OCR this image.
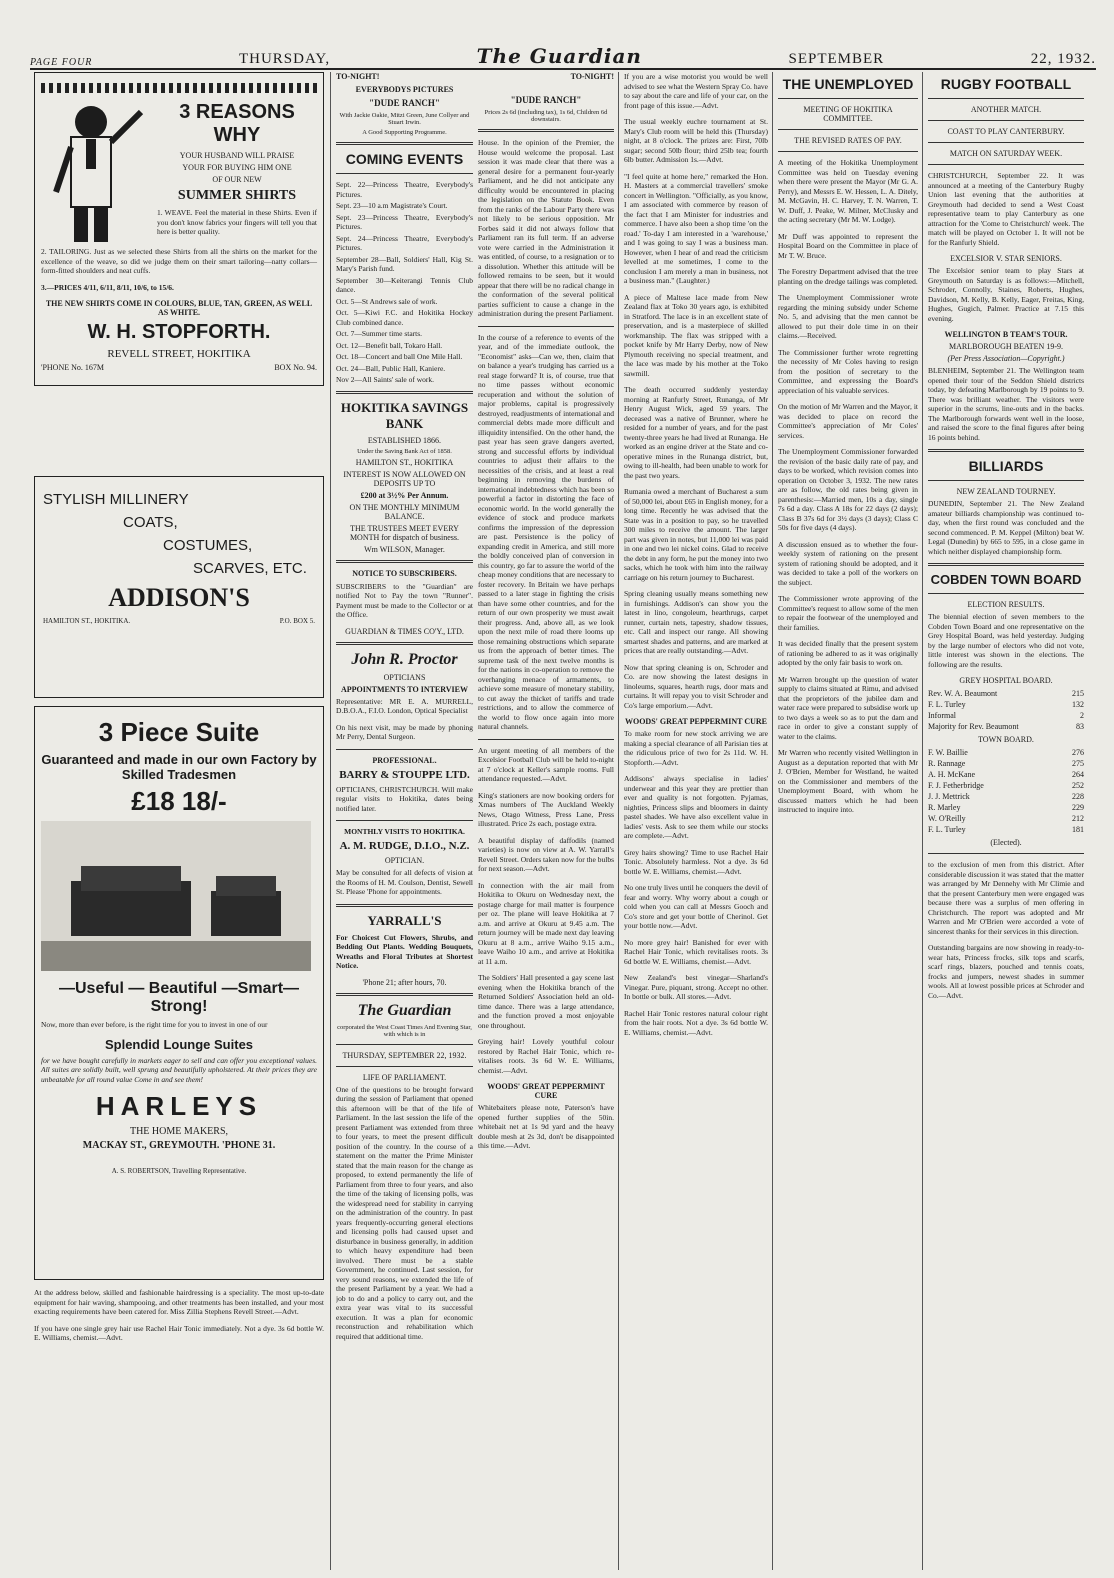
PAGE FOUR	THURSDAY,	The Guardian	SEPTEMBER	22, 1932.
3 REASONS WHY
YOUR HUSBAND WILL PRAISE
YOUR FOR BUYING HIM ONE
OF OUR NEW
SUMMER SHIRTS

1. WEAVE. Feel the material in these Shirts. Even if you don't know fabrics your fingers will tell you that here is better quality.

2. TAILORING. Just as we selected these Shirts from all the shirts on the market for the excellence of the weave, so did we judge them on their smart tailoring—natty collars—form-fitted shoulders and neat cuffs.

3.—PRICES 4/11, 6/11, 8/11, 10/6, to 15/6.

THE NEW SHIRTS COME IN COLOURS, BLUE, TAN, GREEN, AS WELL AS WHITE.
W. H. STOPFORTH.
REVELL STREET, HOKITIKA
'PHONE No. 167M	BOX No. 94.
STYLISH MILLINERY
COATS,
COSTUMES,
SCARVES, ETC.
ADDISON'S
HAMILTON ST., HOKITIKA.	P.O. BOX 5.
3 Piece Suite
Guaranteed and made in our own Factory by Skilled Tradesmen
£18 18/-
—Useful — Beautiful —Smart—Strong!

Now, more than ever before, is the right time for you to invest in one of our

Splendid Lounge Suites

for we have bought carefully in markets eager to sell and can offer you exceptional values. All suites are solidly built, well sprung and beautifully upholstered. At their prices they are unbeatable for all round value Come in and see them!

HARLEYS
THE HOME MAKERS,
MACKAY ST., GREYMOUTH. 'PHONE 31.
A. S. ROBERTSON, Travelling Representative.

At the address below, skilled and fashionable hairdressing is a speciality. The most up-to-date equipment for hair waving, shampooing, and other treatments has been installed, and your most exacting requirements have been catered for. Miss Zillia Stephens Revell Street.—Advt.

If you have one single grey hair use Rachel Hair Tonic immediately. Not a dye. 3s 6d bottle W. E. Williams, chemist.—Advt.

TO-NIGHT!
EVERYBODYS PICTURES
"DUDE RANCH"
With Jackie Oakie, Mitzi Green, June Collyer and Stuart Irwin.
A Good Supporting Programme.
COMING EVENTS

Sept. 22—Princess Theatre, Everybody's Pictures.

Sept. 23—10 a.m Magistrate's Court.

Sept. 23—Princess Theatre, Everybody's Pictures.

Sept. 24—Princess Theatre, Everybody's Pictures.

September 28—Ball, Soldiers' Hall, Kig St. Mary's Parish fund.

September 30—Keiterangi Tennis Club dance.

Oct. 5—St Andrews sale of work.

Oct. 5—Kiwi F.C. and Hokitika Hockey Club combined dance.

Oct. 7—Summer time starts.

Oct. 12—Benefit ball, Tokaro Hall.

Oct. 18—Concert and ball One Mile Hall.

Oct. 24—Ball, Public Hall, Kaniere.

Nov 2—All Saints' sale of work.

HOKITIKA SAVINGS BANK
ESTABLISHED 1866.
Under the Saving Bank Act of 1858.
HAMILTON ST., HOKITIKA
INTEREST IS NOW ALLOWED ON DEPOSITS UP TO
£200 at 3½% Per Annum.
ON THE MONTHLY MINIMUM BALANCE.
THE TRUSTEES MEET EVERY MONTH for dispatch of business.
Wm WILSON, Manager.
NOTICE TO SUBSCRIBERS.

SUBSCRIBERS to the "Guardian" are notified Not to Pay the town "Runner". Payment must be made to the Collector or at the Office.

GUARDIAN & TIMES CO'Y., LTD.
John R. Proctor
OPTICIANS
APPOINTMENTS TO INTERVIEW

Representative: MR E. A. MURRELL, D.B.O.A., F.I.O. London, Optical Specialist

On his next visit, may be made by phoning Mr Perry, Dental Surgeon.

PROFESSIONAL.
BARRY & STOUPPE LTD.

OPTICIANS, CHRISTCHURCH. Will make regular visits to Hokitika, dates being notified later.

MONTHLY VISITS TO HOKITIKA.
A. M. RUDGE, D.I.O., N.Z.
OPTICIAN.

May be consulted for all defects of vision at the Rooms of H. M. Coulson, Dentist, Sewell St. Please 'Phone for appointments.

YARRALL'S

For Choicest Cut Flowers, Shrubs, and Bedding Out Plants. Wedding Bouquets, Wreaths and Floral Tributes at Shortest Notice.

'Phone 21; after hours, 70.
The Guardian
corporated the West Coast Times And Evening Star, with which is in
THURSDAY, SEPTEMBER 22, 1932.
LIFE OF PARLIAMENT.

One of the questions to be brought forward during the session of Parliament that opened this afternoon will be that of the life of Parliament. In the last session the life of the present Parliament was extended from three to four years, to meet the present difficult position of the country. In the course of a statement on the matter the Prime Minister stated that the main reason for the change as proposed, to extend permanently the life of Parliament from three to four years, and also the time of the taking of licensing polls, was the widespread need for stability in carrying on the administration of the country. In past years frequently-occurring general elections and licensing polls had caused upset and disturbance in business generally, in addition to which heavy expenditure had been involved. There must be a stable Government, he continued. Last session, for very sound reasons, we extended the life of the present Parliament by a year. We had a job to do and a policy to carry out, and the extra year was vital to its successful execution. It was a plan for economic reconstruction and rehabilitation which required that additional time.

TO-NIGHT!
"DUDE RANCH"
Prices 2s 6d (including tax), 1s 6d, Children 6d downstairs.

House. In the opinion of the Premier, the House would welcome the proposal. Last session it was made clear that there was a general desire for a permanent four-yearly Parliament, and he did not anticipate any difficulty would be encountered in placing the legislation on the Statute Book. Even from the ranks of the Labour Party there was not likely to be serious opposition. Mr Forbes said it did not always follow that Parliament ran its full term. If an adverse vote were carried in the Administration it was entitled, of course, to a resignation or to a dissolution. Whether this attitude will be followed remains to be seen, but it would appear that there will be no radical change in the conformation of the several political parties sufficient to cause a change in the administration during the present Parliament.

In the course of a reference to events of the year, and of the immediate outlook, the "Economist" asks—Can we, then, claim that on balance a year's trudging has carried us a real stage forward? It is, of course, true that no time passes without economic recuperation and without the solution of major problems, capital is progressively destroyed, readjustments of international and commercial debts made more difficult and illiquidity intensified. On the other hand, the past year has seen grave dangers averted, strong and successful efforts by individual countries to adjust their affairs to the necessities of the crisis, and at least a real beginning in removing the burdens of international indebtedness which has been so powerful a factor in distorting the face of economic world. In the world generally the evidence of stock and produce markets confirms the impression of the depression are past. Persistence is the policy of expanding credit in America, and still more the boldly conceived plan of conversion in this country, go far to assure the world of the cheap money conditions that are necessary to foster recovery. In Britain we have perhaps passed to a later stage in fighting the crisis than have some other countries, and for the return of our own prosperity we must await their progress. And, above all, as we look upon the next mile of road there looms up those remaining obstructions which separate us from the approach of better times. The supreme task of the next twelve months is for the nations in co-operation to remove the overhanging menace of armaments, to achieve some measure of monetary stability, to cut away the thicket of tariffs and trade restrictions, and to allow the commerce of the world to flow once again into more natural channels.

An urgent meeting of all members of the Excelsior Football Club will be held to-night at 7 o'clock at Keller's sample rooms. Full attendance requested.—Advt.

King's stationers are now booking orders for Xmas numbers of The Auckland Weekly News, Otago Witness, Press Lane, Press illustrated. Price 2s each, postage extra.

A beautiful display of daffodils (named varieties) is now on view at A. W. Yarrall's Revell Street. Orders taken now for the bulbs for next season.—Advt.

In connection with the air mail from Hokitika to Okuru on Wednesday next, the postage charge for mail matter is fourpence per oz. The plane will leave Hokitika at 7 a.m. and arrive at Okuru at 9.45 a.m. The return journey will be made next day leaving Okuru at 8 a.m., arrive Waiho 9.15 a.m., leave Waiho 10 a.m., and arrive at Hokitika at 11 a.m.

The Soldiers' Hall presented a gay scene last evening when the Hokitika branch of the Returned Soldiers' Association held an old-time dance. There was a large attendance, and the function proved a most enjoyable one throughout.

Greying hair! Lovely youthful colour restored by Rachel Hair Tonic, which re-vitalises roots. 3s 6d W. E. Williams, chemist.—Advt.

WOODS' GREAT PEPPERMINT CURE

Whitebaiters please note, Paterson's have opened further supplies of the 50in. whitebait net at 1s 9d yard and the heavy double mesh at 2s 3d, don't be disappointed this time.—Advt.

If you are a wise motorist you would be well advised to see what the Western Spray Co. have to say about the care and life of your car, on the front page of this issue.—Advt.

The usual weekly euchre tournament at St. Mary's Club room will be held this (Thursday) night, at 8 o'clock. The prizes are: First, 70lb sugar; second 50lb flour; third 25lb tea; fourth 6lb butter. Admission 1s.—Advt.

"I feel quite at home here," remarked the Hon. H. Masters at a commercial travellers' smoke concert in Wellington. "Officially, as you know, I am associated with commerce by reason of the fact that I am Minister for industries and commerce. I have also been a shop time 'on the road.' To-day I am interested in a 'warehouse,' and I was going to say I was a business man. However, when I hear of and read the criticism levelled at me sometimes, I come to the conclusion I am merely a man in business, not a business man." (Laughter.)

A piece of Maltese lace made from New Zealand flax at Toko 30 years ago, is exhibited in Stratford. The lace is in an excellent state of preservation, and is a masterpiece of skilled workmanship. The flax was stripped with a pocket knife by Mr Harry Derby, now of New Plymouth receiving no special treatment, and the lace was made by his mother at the Toko sawmill.

The death occurred suddenly yesterday morning at Ranfurly Street, Runanga, of Mr Henry August Wick, aged 59 years. The deceased was a native of Brunner, where he resided for a number of years, and for the past twenty-three years he had lived at Runanga. He worked as an engine driver at the State and co-operative mines in the Runanga district, but, owing to ill-health, had been unable to work for the past two years.

Rumania owed a merchant of Bucharest a sum of 50,000 lei, about £65 in English money, for a long time. Recently he was advised that the State was in a position to pay, so he travelled 300 miles to receive the amount. The larger part was given in notes, but 11,000 lei was paid in one and two lei nickel coins. Glad to receive the debt in any form, he put the money into two sacks, which he took with him into the railway carriage on his return journey to Bucharest.

Spring cleaning usually means something new in furnishings. Addison's can show you the latest in lino, congoleum, hearthrugs, carpet runner, curtain nets, tapestry, shadow tissues, etc. Call and inspect our range. All showing smartest shades and patterns, and are marked at prices that are really outstanding.—Advt.

Now that spring cleaning is on, Schroder and Co. are now showing the latest designs in linoleums, squares, hearth rugs, door mats and curtains. It will repay you to visit Schroder and Co's large emporium.—Advt.

WOODS' GREAT PEPPERMINT CURE

To make room for new stock arriving we are making a special clearance of all Parisian ties at the ridiculous price of two for 2s 11d. W. H. Stopforth.—Advt.

Addisons' always specialise in ladies' underwear and this year they are prettier than ever and quality is not forgotten. Pyjamas, nighties, Princess slips and bloomers in dainty pastel shades. We have also excellent value in ladies' vests. Ask to see them while our stocks are complete.—Advt.

Grey hairs showing? Time to use Rachel Hair Tonic. Absolutely harmless. Not a dye. 3s 6d bottle W. E. Williams, chemist.—Advt.

No one truly lives until he conquers the devil of fear and worry. Why worry about a cough or cold when you can call at Messrs Gooch and Co's store and get your bottle of Cherinol. Get your bottle now.—Advt.

No more grey hair! Banished for ever with Rachel Hair Tonic, which revitalises roots. 3s 6d bottle W. E. Williams, chemist.—Advt.

New Zealand's best vinegar—Sharland's Vinegar. Pure, piquant, strong. Accept no other. In bottle or bulk. All stores.—Advt.

Rachel Hair Tonic restores natural colour right from the hair roots. Not a dye. 3s 6d bottle W. E. Williams, chemist.—Advt.

THE UNEMPLOYED
MEETING OF HOKITIKA COMMITTEE.
THE REVISED RATES OF PAY.

A meeting of the Hokitika Unemployment Committee was held on Tuesday evening when there were present the Mayor (Mr G. A. Perry), and Messrs E. W. Hessen, L. A. Ditely, M. McGavin, H. C. Harvey, T. N. Warren, T. W. Duff, J. Peake, W. Milner, McClusky and the acting secretary (Mr M. W. Lodge).

Mr Duff was appointed to represent the Hospital Board on the Committee in place of Mr T. W. Bruce.

The Forestry Department advised that the tree planting on the dredge tailings was completed.

The Unemployment Commissioner wrote regarding the mining subsidy under Scheme No. 5, and advising that the men cannot be allowed to put their dole time in on their claims.—Received.

The Commissioner further wrote regretting the necessity of Mr Coles having to resign from the position of secretary to the Committee, and expressing the Board's appreciation of his valuable services.

On the motion of Mr Warren and the Mayor, it was decided to place on record the Committee's appreciation of Mr Coles' services.

The Unemployment Commissioner forwarded the revision of the basic daily rate of pay, and days to be worked, which revision comes into operation on October 3, 1932. The new rates are as follow, the old rates being given in parenthesis:—Married men, 10s a day, single 7s 6d a day. Class A 18s for 22 days (2 days); Class B 37s 6d for 3½ days (3 days); Class C 50s for five days (4 days).

A discussion ensued as to whether the four-weekly system of rationing on the present system of rationing should be adopted, and it was decided to take a poll of the workers on the subject.

The Commissioner wrote approving of the Committee's request to allow some of the men to repair the footwear of the unemployed and their families.

It was decided finally that the present system of rationing be adhered to as it was originally adopted by the only fair basis to work on.

Mr Warren brought up the question of water supply to claims situated at Rimu, and advised that the proprietors of the jubilee dam and water race were prepared to subsidise work up to two days a week so as to put the dam and race in order to give a constant supply of water to the claims.

Mr Warren who recently visited Wellington in August as a deputation reported that with Mr J. O'Brien, Member for Westland, he waited on the Commissioner and members of the Unemployment Board, with whom he discussed matters which he had been instructed to inquire into.

RUGBY FOOTBALL
ANOTHER MATCH.
COAST TO PLAY CANTERBURY.
MATCH ON SATURDAY WEEK.

CHRISTCHURCH, September 22. It was announced at a meeting of the Canterbury Rugby Union last evening that the authorities at Greymouth had decided to send a West Coast representative team to play Canterbury as one attraction for the 'Come to Christchurch' week. The match will be played on October 1. It will not be for the Ranfurly Shield.

EXCELSIOR V. STAR SENIORS.

The Excelsior senior team to play Stars at Greymouth on Saturday is as follows:—Mitchell, Schroder, Connolly, Staines, Roberts, Hughes, Davidson, M. Kelly, B. Kelly, Eager, Freitas, King, Hughes, Gugich, Palmer. Practice at 7.15 this evening.

WELLINGTON B TEAM'S TOUR.
MARLBOROUGH BEATEN 19-9.
(Per Press Association—Copyright.)

BLENHEIM, September 21. The Wellington team opened their tour of the Seddon Shield districts today, by defeating Marlborough by 19 points to 9. There was brilliant weather. The visitors were superior in the scrums, line-outs and in the backs. The Marlborough forwards went well in the loose, and raised the score to the final figures after being 16 points behind.

BILLIARDS
NEW ZEALAND TOURNEY.

DUNEDIN, September 21. The New Zealand amateur billiards championship was continued to-day, when the first round was concluded and the second commenced. P. M. Keppel (Milton) beat W. Legal (Dunedin) by 665 to 595, in a close game in which neither displayed championship form.

COBDEN TOWN BOARD
ELECTION RESULTS.

The biennial election of seven members to the Cobden Town Board and one representative on the Grey Hospital Board, was held yesterday. Judging by the large number of electors who did not vote, little interest was shown in the elections. The following are the results.

GREY HOSPITAL BOARD.
Rev. W. A. Beaumont	215
F. L. Turley	132
Informal	2
Majority for Rev. Beaumont	83
TOWN BOARD.
F. W. Baillie	276
R. Rannage	275
A. H. McKane	264
F. J. Fetherbridge	252
J. J. Mettrick	228
R. Marley	229
W. O'Reilly	212
F. L. Turley	181
(Elected).

to the exclusion of men from this district. After considerable discussion it was stated that the matter was arranged by Mr Dennehy with Mr Climie and that the present Canterbury men were engaged was because there was a surplus of men offering in Christchurch. The report was adopted and Mr Warren and Mr O'Brien were accorded a vote of sincerest thanks for their services in this direction.

Outstanding bargains are now showing in ready-to-wear hats, Princess frocks, silk tops and scarfs, scarf rings, blazers, pouched and tennis coats, frocks and jumpers, newest shades in summer wools. All at lowest possible prices at Schroder and Co.—Advt.
